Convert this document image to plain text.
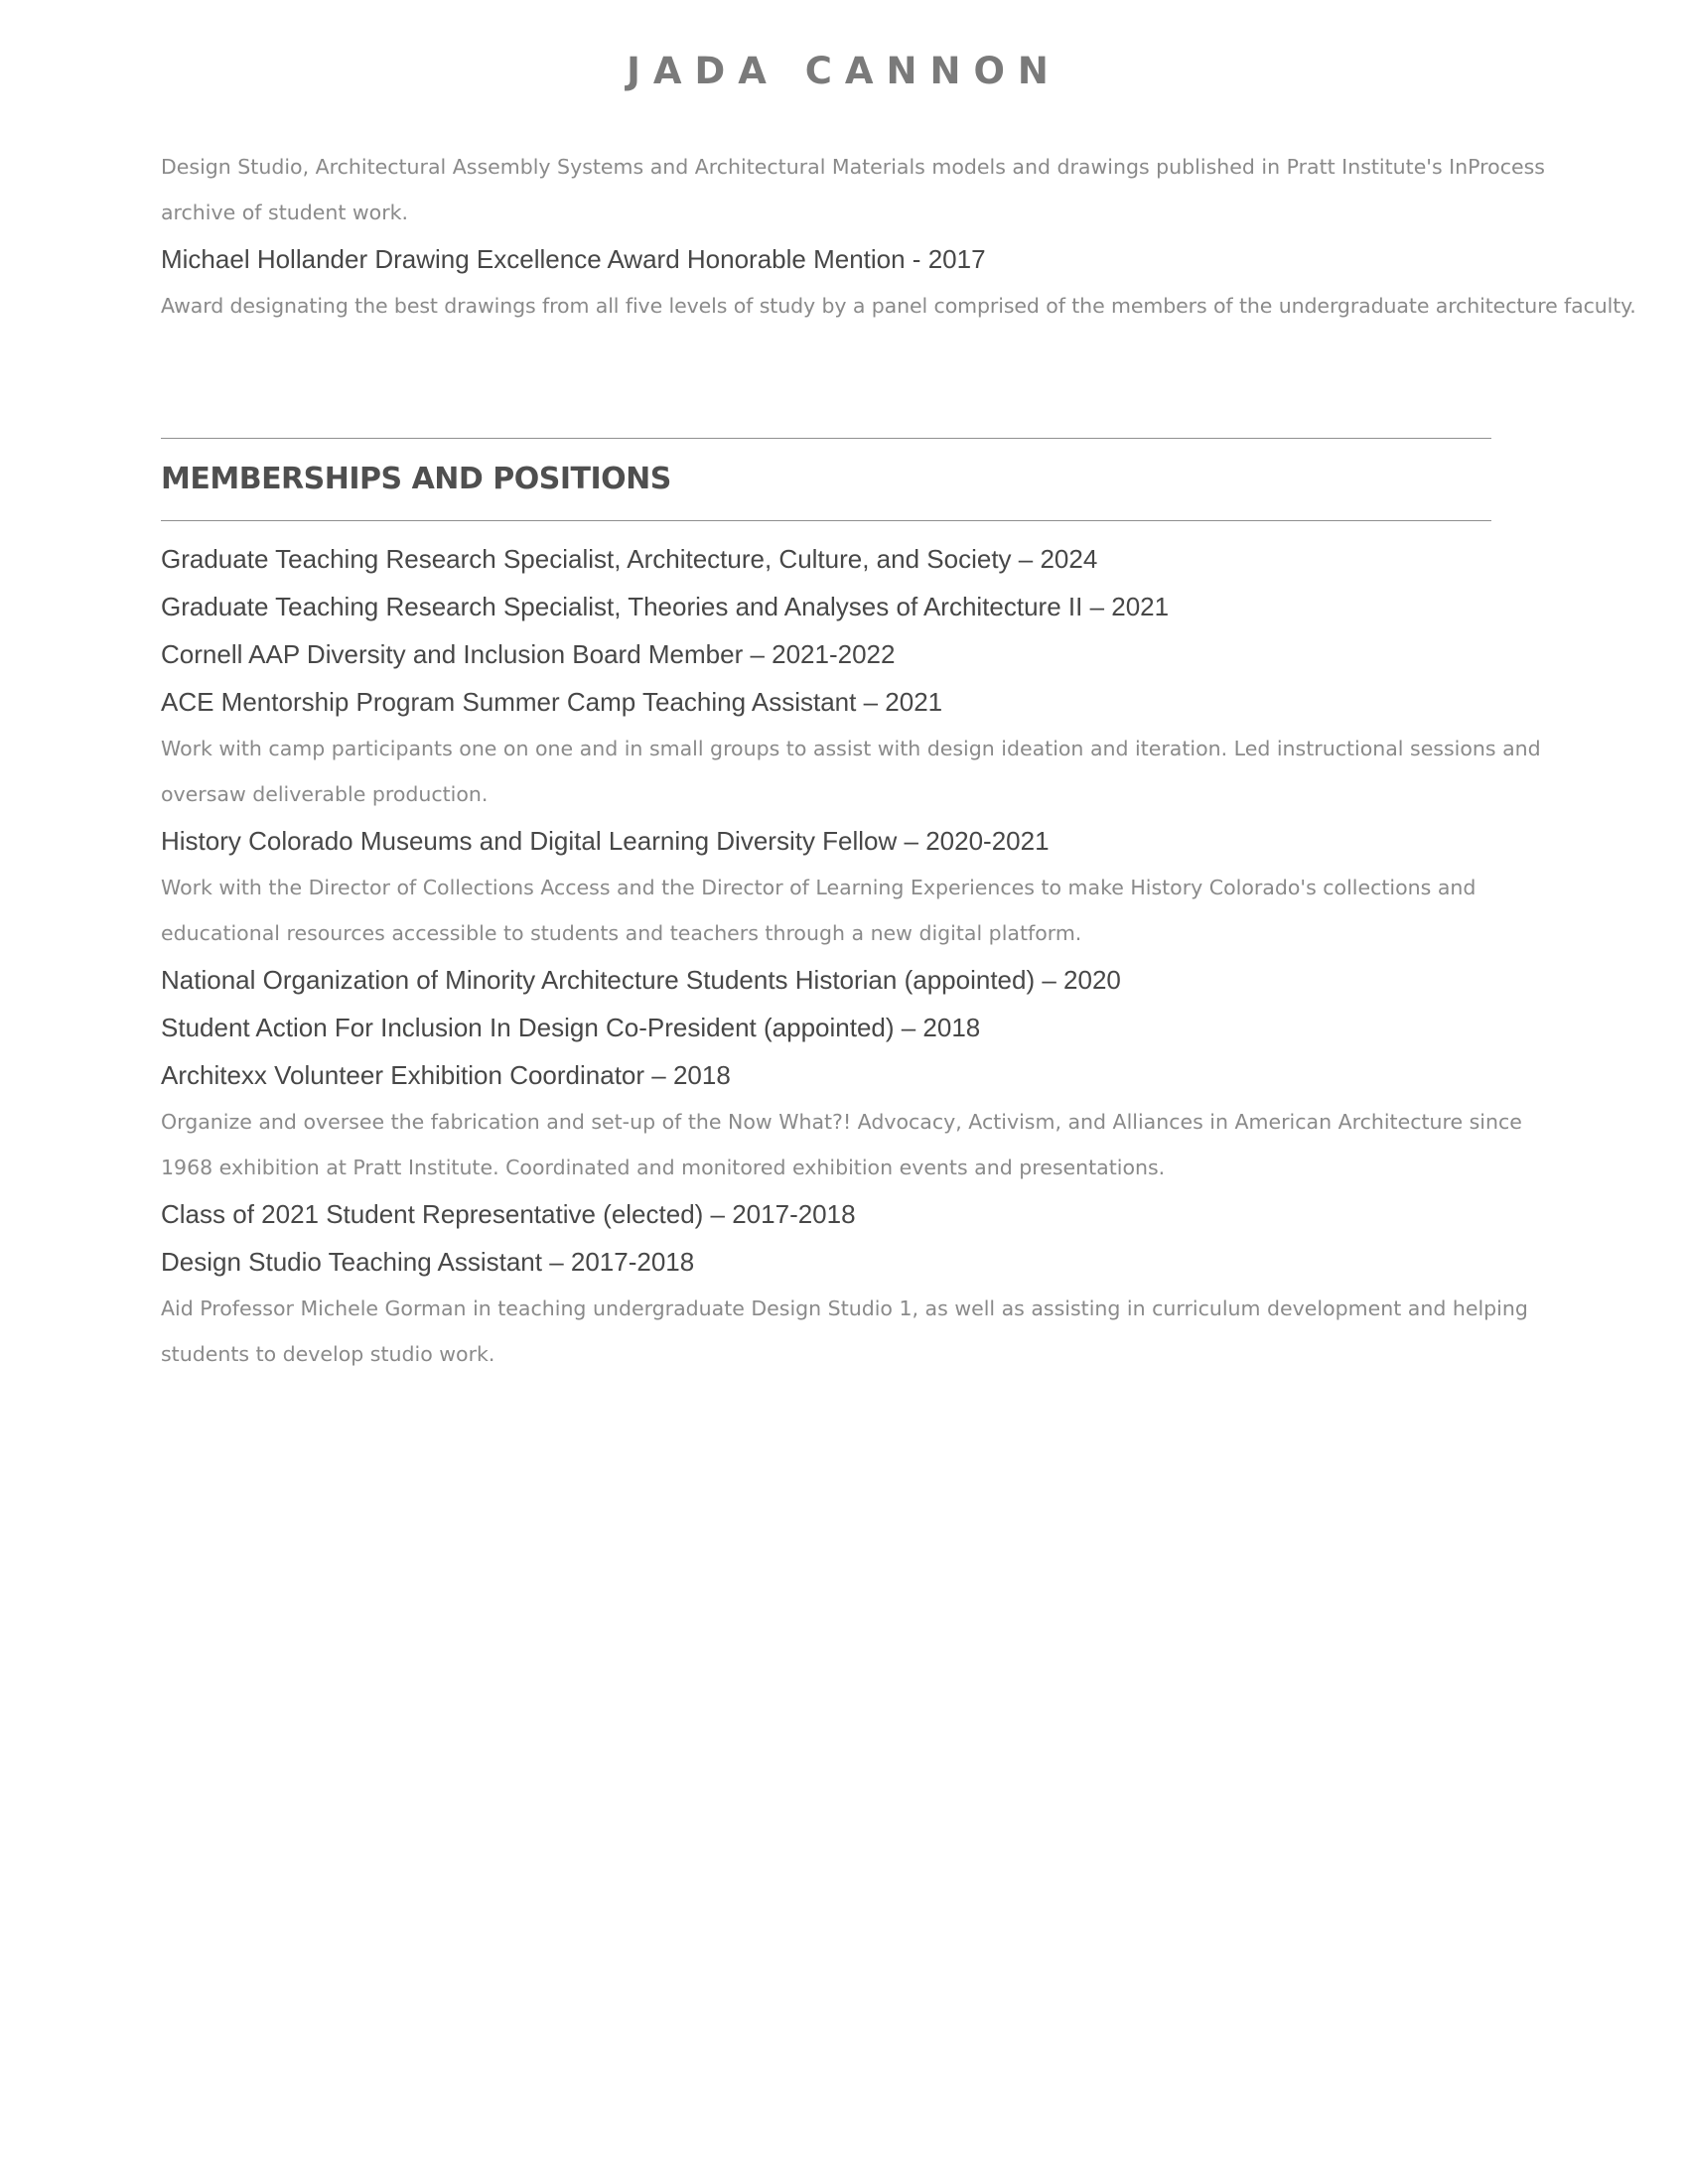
JADA CANNON

Design Studio, Architectural Assembly Systems and Architectural Materials models and drawings published in Pratt Institute's InProcess archive of student work.

Michael Hollander Drawing Excellence Award Honorable Mention - 2017

Award designating the best drawings from all five levels of study by a panel comprised of the members of the undergraduate architecture faculty.

MEMBERSHIPS AND POSITIONS

Graduate Teaching Research Specialist, Architecture, Culture, and Society – 2024

Graduate Teaching Research Specialist, Theories and Analyses of Architecture II – 2021

Cornell AAP Diversity and Inclusion Board Member – 2021-2022

ACE Mentorship Program Summer Camp Teaching Assistant – 2021

Work with camp participants one on one and in small groups to assist with design ideation and iteration. Led instructional sessions and oversaw deliverable production.

History Colorado Museums and Digital Learning Diversity Fellow – 2020-2021

Work with the Director of Collections Access and the Director of Learning Experiences to make History Colorado's collections and educational resources accessible to students and teachers through a new digital platform.

National Organization of Minority Architecture Students Historian (appointed) – 2020

Student Action For Inclusion In Design Co-President (appointed) – 2018

Architexx Volunteer Exhibition Coordinator – 2018

Organize and oversee the fabrication and set-up of the Now What?! Advocacy, Activism, and Alliances in American Architecture since 1968 exhibition at Pratt Institute. Coordinated and monitored exhibition events and presentations.

Class of 2021 Student Representative (elected) – 2017-2018

Design Studio Teaching Assistant – 2017-2018

Aid Professor Michele Gorman in teaching undergraduate Design Studio 1, as well as assisting in curriculum development and helping students to develop studio work.
